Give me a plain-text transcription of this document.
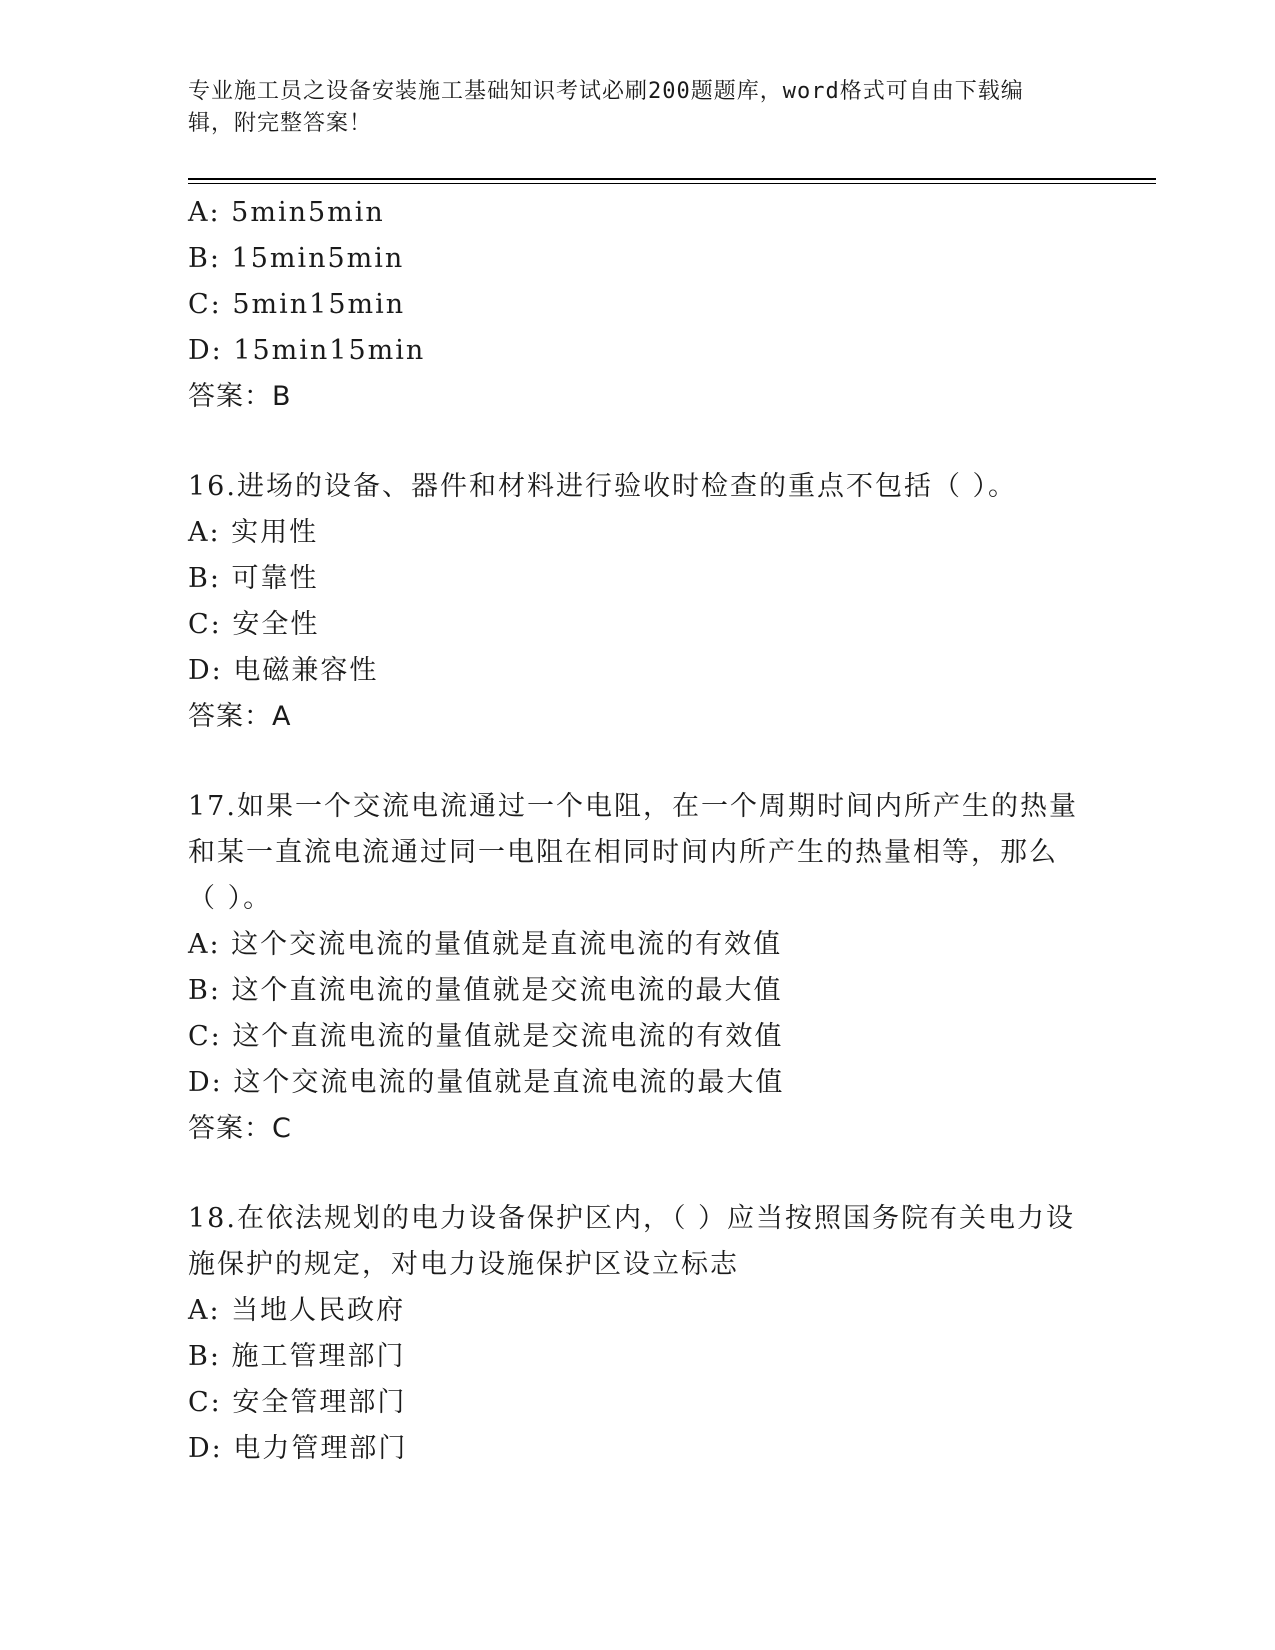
专业施工员之设备安装施工基础知识考试必刷200题题库，word格式可自由下载编辑，附完整答案！
A: 5min5min
B: 15min5min
C: 5min15min
D: 15min15min
答案：B
16.进场的设备、器件和材料进行验收时检查的重点不包括（ ）。
A: 实用性
B: 可靠性
C: 安全性
D: 电磁兼容性
答案：A
17.如果一个交流电流通过一个电阻，在一个周期时间内所产生的热量和某一直流电流通过同一电阻在相同时间内所产生的热量相等，那么（ ）。
A: 这个交流电流的量值就是直流电流的有效值
B: 这个直流电流的量值就是交流电流的最大值
C: 这个直流电流的量值就是交流电流的有效值
D: 这个交流电流的量值就是直流电流的最大值
答案：C
18.在依法规划的电力设备保护区内，（ ）应当按照国务院有关电力设施保护的规定，对电力设施保护区设立标志
A: 当地人民政府
B: 施工管理部门
C: 安全管理部门
D: 电力管理部门
